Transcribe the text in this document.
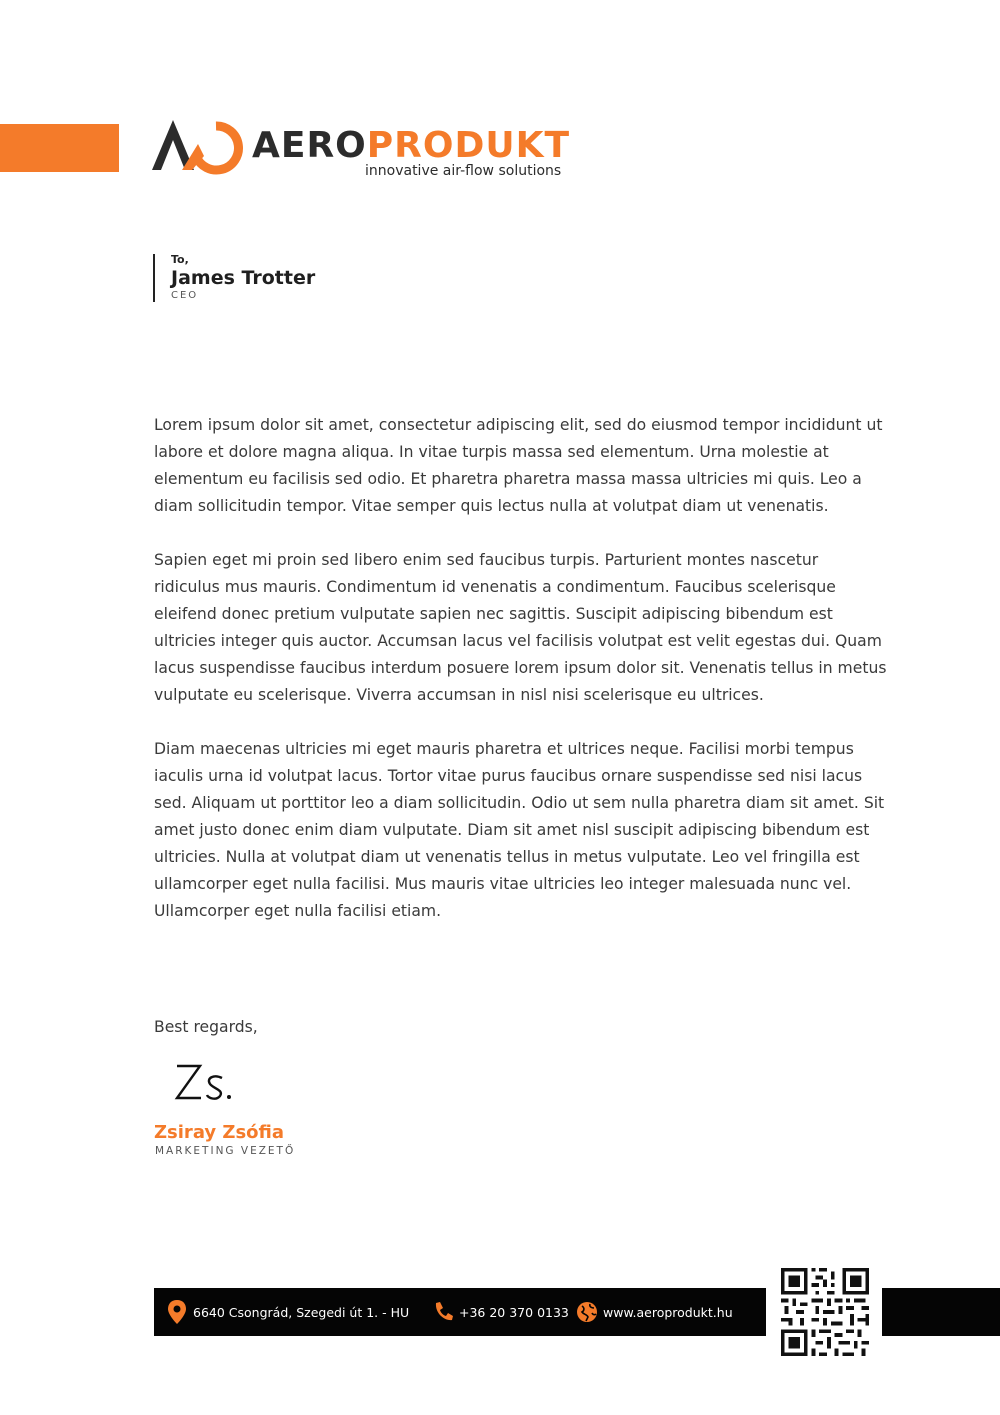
AEROPRODUKT
innovative air-flow solutions
To,
James Trotter
CEO

Lorem ipsum dolor sit amet, consectetur adipiscing elit, sed do eiusmod tempor incididunt ut labore et dolore magna aliqua. In vitae turpis massa sed elementum. Urna molestie at elementum eu facilisis sed odio. Et pharetra pharetra massa massa ultricies mi quis. Leo a diam sollicitudin tempor. Vitae semper quis lectus nulla at volutpat diam ut venenatis.

Sapien eget mi proin sed libero enim sed faucibus turpis. Parturient montes nascetur ridiculus mus mauris. Condimentum id venenatis a condimentum. Faucibus scelerisque eleifend donec pretium vulputate sapien nec sagittis. Suscipit adipiscing bibendum est ultricies integer quis auctor. Accumsan lacus vel facilisis volutpat est velit egestas dui. Quam lacus suspendisse faucibus interdum posuere lorem ipsum dolor sit. Venenatis tellus in metus vulputate eu scelerisque. Viverra accumsan in nisl nisi scelerisque eu ultrices.

Diam maecenas ultricies mi eget mauris pharetra et ultrices neque. Facilisi morbi tempus iaculis urna id volutpat lacus. Tortor vitae purus faucibus ornare suspendisse sed nisi lacus sed. Aliquam ut porttitor leo a diam sollicitudin. Odio ut sem nulla pharetra diam sit amet. Sit amet justo donec enim diam vulputate. Diam sit amet nisl suscipit adipiscing bibendum est ultricies. Nulla at volutpat diam ut venenatis tellus in metus vulputate. Leo vel fringilla est ullamcorper eget nulla facilisi. Mus mauris vitae ultricies leo integer malesuada nunc vel. Ullamcorper eget nulla facilisi etiam.

Best regards,
Zsiray Zsófia
MARKETING VEZETŐ
6640 Csongrád, Szegedi út 1. - HU	+36 20 370 0133	www.aeroprodukt.hu
